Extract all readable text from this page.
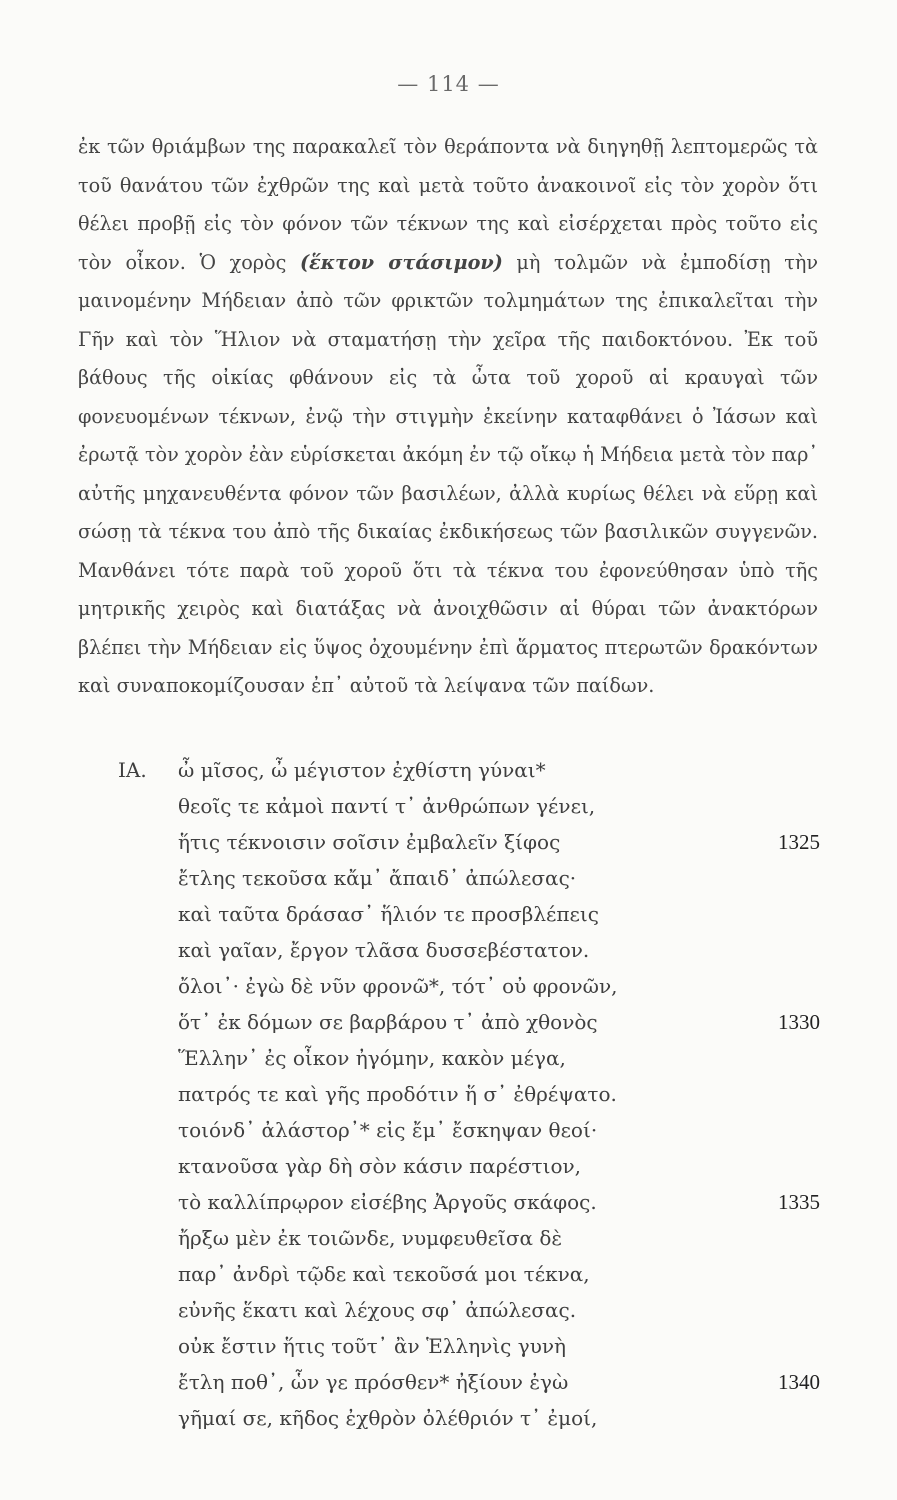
— 114 —

ἐκ τῶν θριάμβων της παρακαλεῖ τὸν θεράποντα νὰ διηγηθῇ λεπτομερῶς τὰ τοῦ θανάτου τῶν ἐχθρῶν της καὶ μετὰ τοῦτο ἀνακοινοῖ εἰς τὸν χορὸν ὅτι θέλει προβῇ εἰς τὸν φόνον τῶν τέκνων της καὶ εἰσέρχεται πρὸς τοῦτο εἰς τὸν οἶκον. Ὁ χορὸς (ἕκτον στάσιμον) μὴ τολμῶν νὰ ἐμποδίσῃ τὴν μαινομένην Μήδειαν ἀπὸ τῶν φρικτῶν τολμημάτων της ἐπικαλεῖται τὴν Γῆν καὶ τὸν Ἥλιον νὰ σταματήσῃ τὴν χεῖρα τῆς παιδοκτόνου. Ἐκ τοῦ βάθους τῆς οἰκίας φθάνουν εἰς τὰ ὦτα τοῦ χοροῦ αἱ κραυγαὶ τῶν φονευομένων τέκνων, ἐνῷ τὴν στιγμὴν ἐκείνην καταφθάνει ὁ Ἰάσων καὶ ἐρωτᾷ τὸν χορὸν ἐὰν εὑρίσκεται ἀκόμη ἐν τῷ οἴκῳ ἡ Μήδεια μετὰ τὸν παρ᾽ αὐτῆς μηχανευθέντα φόνον τῶν βασιλέων, ἀλλὰ κυρίως θέλει νὰ εὕρῃ καὶ σώσῃ τὰ τέκνα του ἀπὸ τῆς δικαίας ἐκδικήσεως τῶν βασιλικῶν συγγενῶν. Μανθάνει τότε παρὰ τοῦ χοροῦ ὅτι τὰ τέκνα του ἐφονεύθησαν ὑπὸ τῆς μητρικῆς χειρὸς καὶ διατάξας νὰ ἀνοιχθῶσιν αἱ θύραι τῶν ἀνακτόρων βλέπει τὴν Μήδειαν εἰς ὕψος ὀχουμένην ἐπὶ ἅρματος πτερωτῶν δρακόντων καὶ συναποκομίζουσαν ἐπ᾽ αὐτοῦ τὰ λείψανα τῶν παίδων.

ΙΑ. ὦ μῖσος, ὦ μέγιστον ἐχθίστη γύναι*
θεοῖς τε κἀμοὶ παντί τ᾽ ἀνθρώπων γένει,
ἥτις τέκνοισιν σοῖσιν ἐμβαλεῖν ξίφος	1325
ἔτλης τεκοῦσα κἄμ᾽ ἄπαιδ᾽ ἀπώλεσας·
καὶ ταῦτα δράσασ᾽ ἥλιόν τε προσβλέπεις
καὶ γαῖαν, ἔργον τλᾶσα δυσσεβέστατον.
ὄλοι᾽· ἐγὼ δὲ νῦν φρονῶ*, τότ᾽ οὐ φρονῶν,
ὅτ᾽ ἐκ δόμων σε βαρβάρου τ᾽ ἀπὸ χθονὸς	1330
Ἕλλην᾽ ἐς οἶκον ἠγόμην, κακὸν μέγα,
πατρός τε καὶ γῆς προδότιν ἥ σ᾽ ἐθρέψατο.
τοιόνδ᾽ ἀλάστορ᾽* εἰς ἔμ᾽ ἔσκηψαν θεοί·
κτανοῦσα γὰρ δὴ σὸν κάσιν παρέστιον,
τὸ καλλίπρῳρον εἰσέβης Ἀργοῦς σκάφος.	1335
ἤρξω μὲν ἐκ τοιῶνδε, νυμφευθεῖσα δὲ
παρ᾽ ἀνδρὶ τῷδε καὶ τεκοῦσά μοι τέκνα,
εὐνῆς ἕκατι καὶ λέχους σφ᾽ ἀπώλεσας.
οὐκ ἔστιν ἥτις τοῦτ᾽ ἂν Ἑλληνὶς γυνὴ
ἔτλη ποθ᾽, ὧν γε πρόσθεν* ἠξίουν ἐγὼ	1340
γῆμαί σε, κῆδος ἐχθρὸν ὀλέθριόν τ᾽ ἐμοί,
